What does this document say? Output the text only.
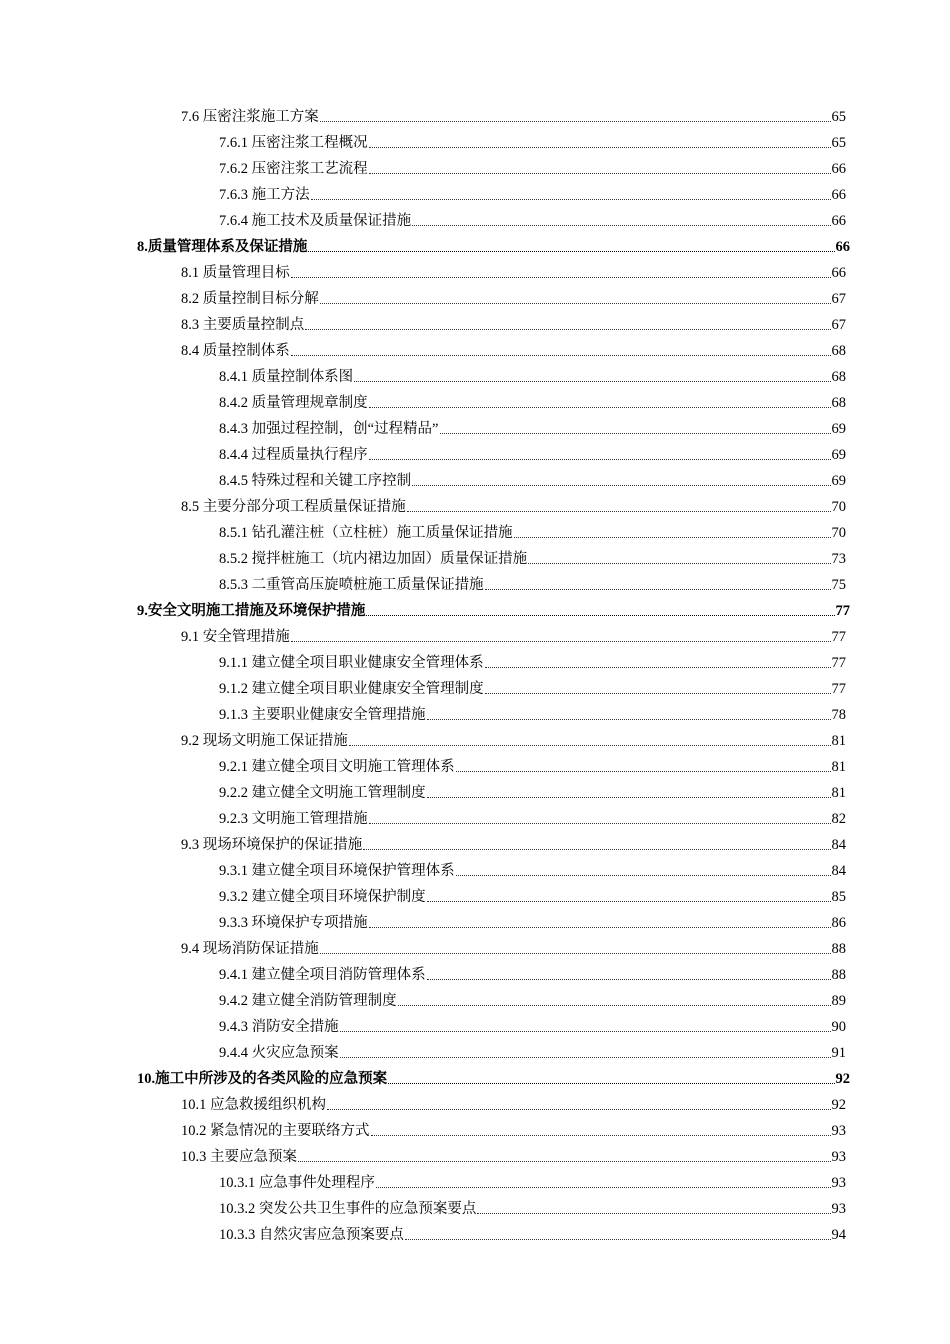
7.6 压密注浆施工方案	65
7.6.1 压密注浆工程概况	65
7.6.2 压密注浆工艺流程	66
7.6.3 施工方法	66
7.6.4 施工技术及质量保证措施	66
8.质量管理体系及保证措施	66
8.1 质量管理目标	66
8.2 质量控制目标分解	67
8.3 主要质量控制点	67
8.4 质量控制体系	68
8.4.1 质量控制体系图	68
8.4.2 质量管理规章制度	68
8.4.3 加强过程控制，创“过程精品”	69
8.4.4 过程质量执行程序	69
8.4.5 特殊过程和关键工序控制	69
8.5 主要分部分项工程质量保证措施	70
8.5.1 钻孔灌注桩（立柱桩）施工质量保证措施	70
8.5.2 搅拌桩施工（坑内裙边加固）质量保证措施	73
8.5.3 二重管高压旋喷桩施工质量保证措施	75
9.安全文明施工措施及环境保护措施	77
9.1 安全管理措施	77
9.1.1 建立健全项目职业健康安全管理体系	77
9.1.2 建立健全项目职业健康安全管理制度	77
9.1.3 主要职业健康安全管理措施	78
9.2 现场文明施工保证措施	81
9.2.1 建立健全项目文明施工管理体系	81
9.2.2 建立健全文明施工管理制度	81
9.2.3 文明施工管理措施	82
9.3 现场环境保护的保证措施	84
9.3.1 建立健全项目环境保护管理体系	84
9.3.2 建立健全项目环境保护制度	85
9.3.3 环境保护专项措施	86
9.4 现场消防保证措施	88
9.4.1 建立健全项目消防管理体系	88
9.4.2 建立健全消防管理制度	89
9.4.3 消防安全措施	90
9.4.4 火灾应急预案	91
10.施工中所涉及的各类风险的应急预案	92
10.1 应急救援组织机构	92
10.2 紧急情况的主要联络方式	93
10.3 主要应急预案	93
10.3.1 应急事件处理程序	93
10.3.2 突发公共卫生事件的应急预案要点	93
10.3.3 自然灾害应急预案要点	94
